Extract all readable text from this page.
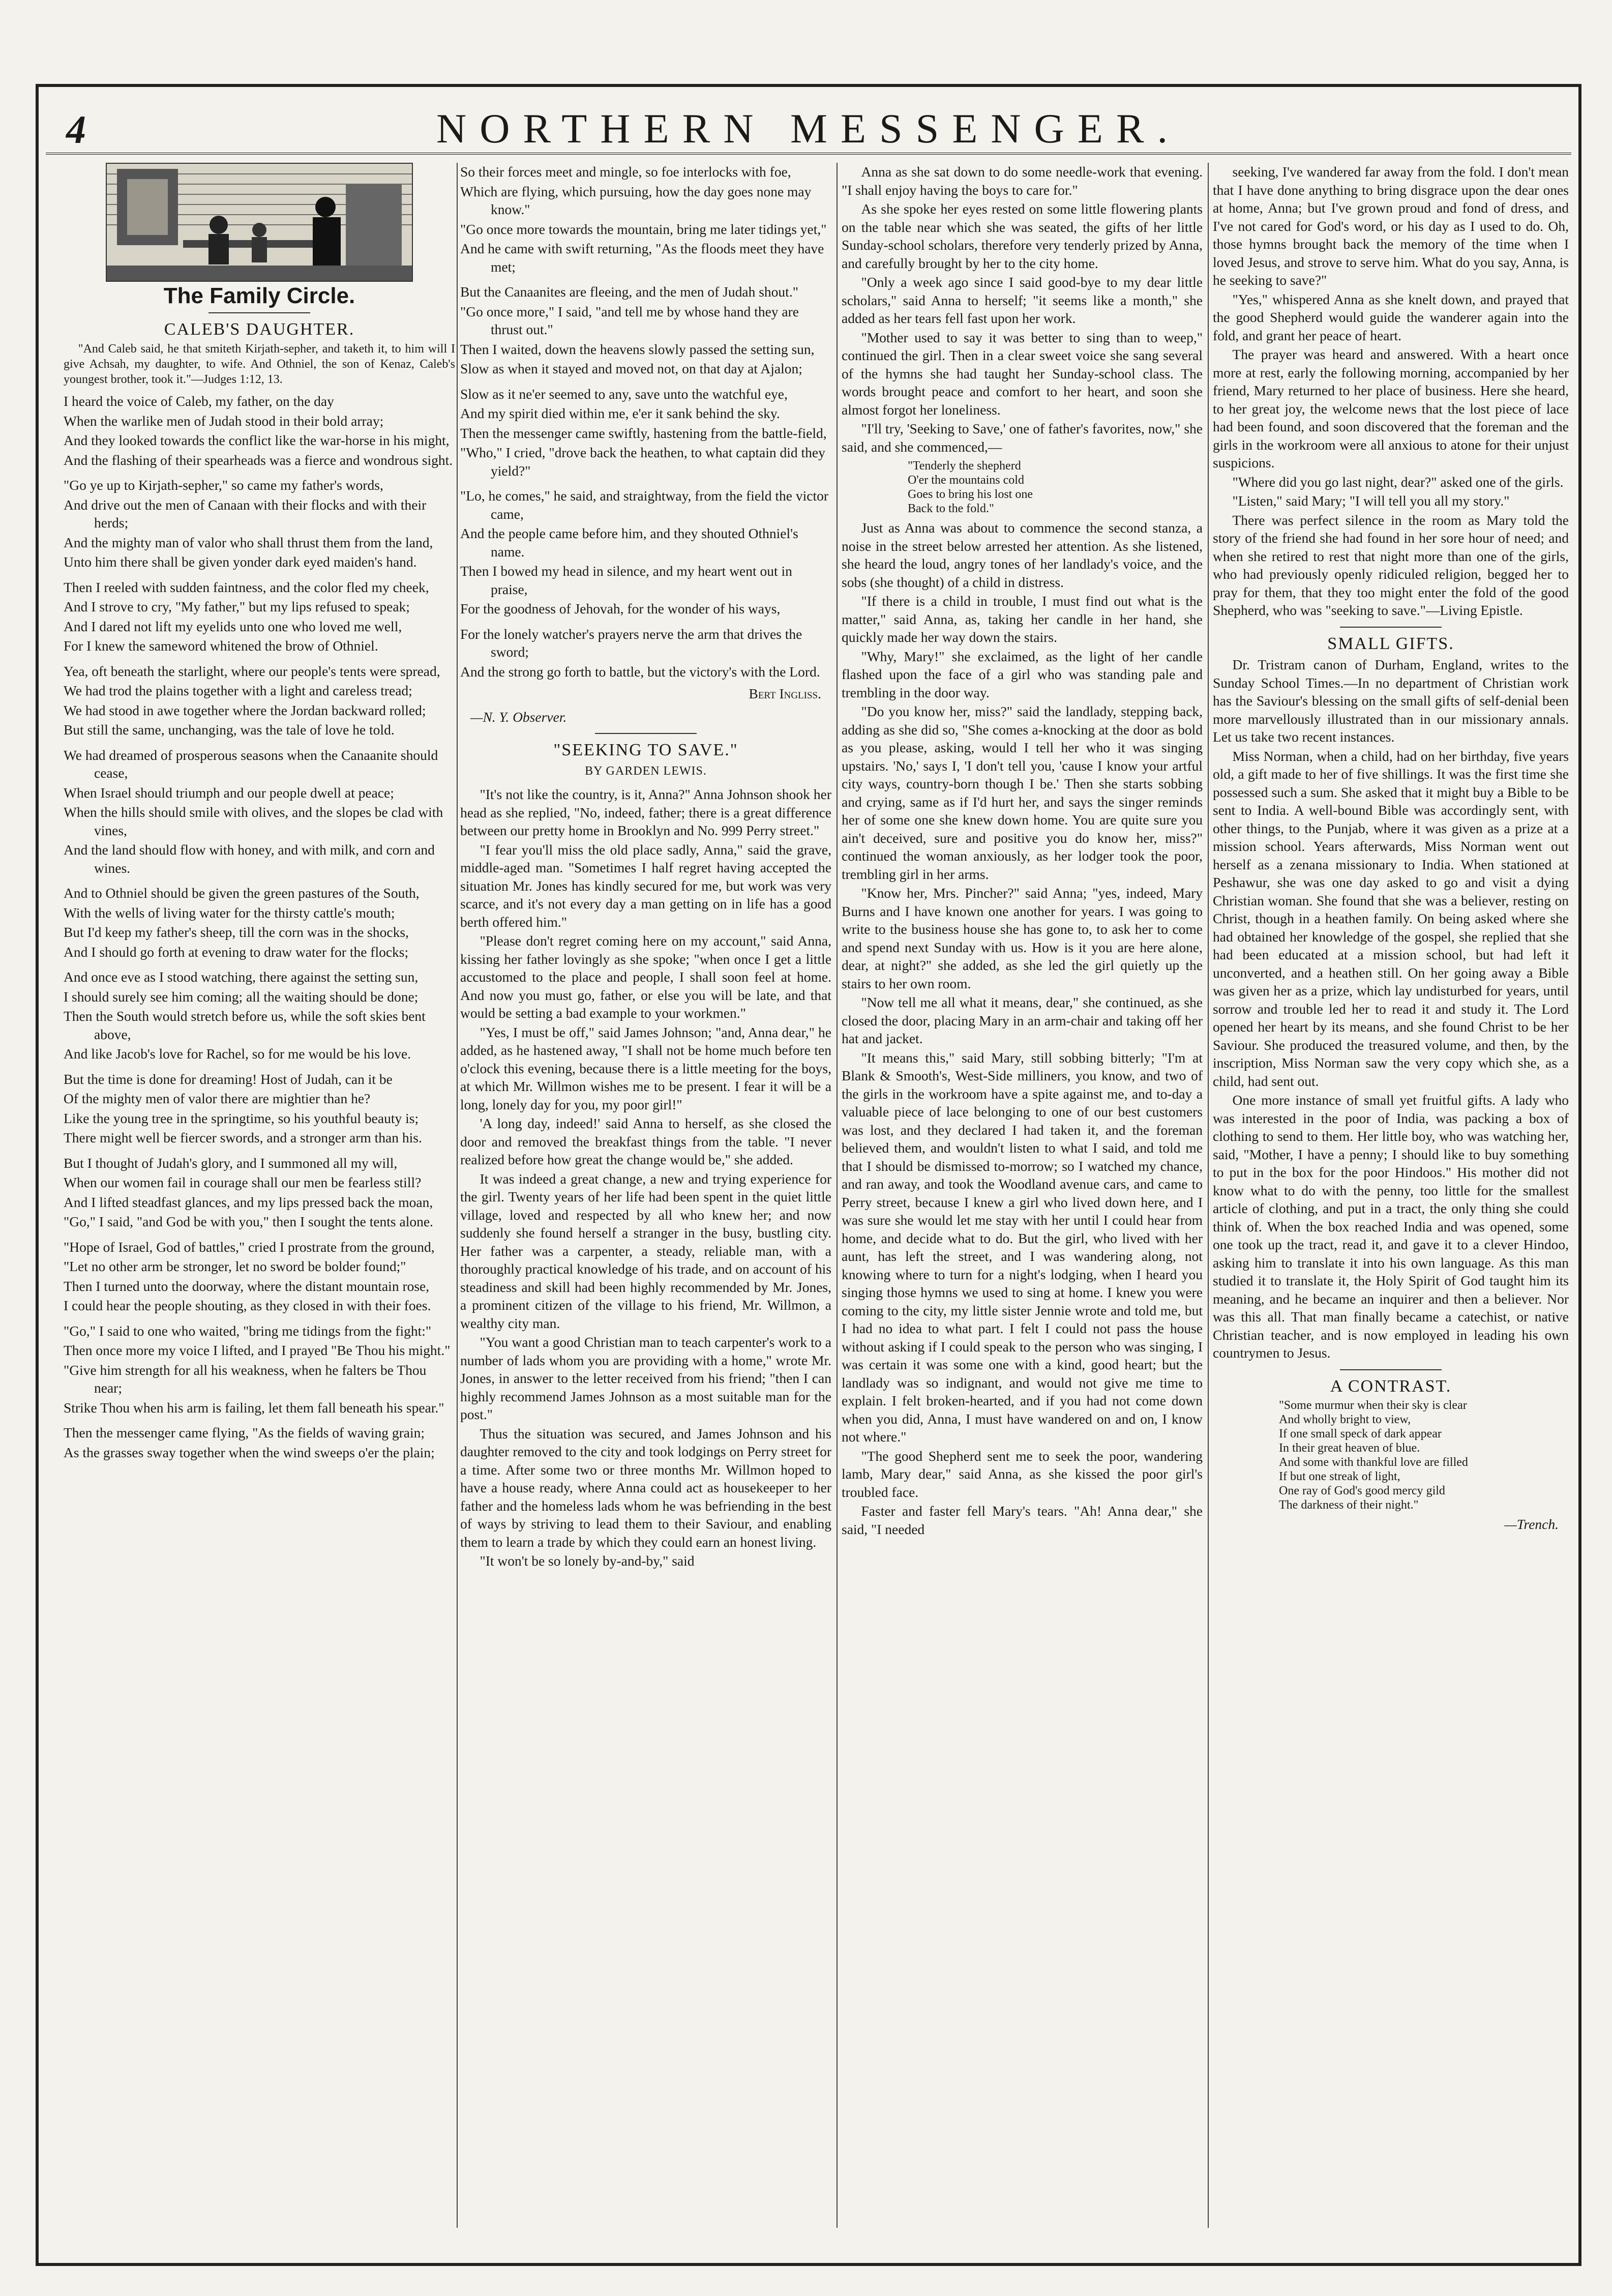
4	NORTHERN MESSENGER.
The Family Circle.
CALEB'S DAUGHTER.
"And Caleb said, he that smiteth Kirjath-sepher, and taketh it, to him will I give Achsah, my daughter, to wife. And Othniel, the son of Kenaz, Caleb's youngest brother, took it."—Judges 1:12, 13.

I heard the voice of Caleb, my father, on the day

When the warlike men of Judah stood in their bold array;

And they looked towards the conflict like the war-horse in his might,

And the flashing of their spearheads was a fierce and wondrous sight.

"Go ye up to Kirjath-sepher," so came my father's words,

And drive out the men of Canaan with their flocks and with their herds;

And the mighty man of valor who shall thrust them from the land,

Unto him there shall be given yonder dark eyed maiden's hand.

Then I reeled with sudden faintness, and the color fled my cheek,

And I strove to cry, "My father," but my lips refused to speak;

And I dared not lift my eyelids unto one who loved me well,

For I knew the sameword whitened the brow of Othniel.

Yea, oft beneath the starlight, where our people's tents were spread,

We had trod the plains together with a light and careless tread;

We had stood in awe together where the Jordan backward rolled;

But still the same, unchanging, was the tale of love he told.

We had dreamed of prosperous seasons when the Canaanite should cease,

When Israel should triumph and our people dwell at peace;

When the hills should smile with olives, and the slopes be clad with vines,

And the land should flow with honey, and with milk, and corn and wines.

And to Othniel should be given the green pastures of the South,

With the wells of living water for the thirsty cattle's mouth;

But I'd keep my father's sheep, till the corn was in the shocks,

And I should go forth at evening to draw water for the flocks;

And once eve as I stood watching, there against the setting sun,

I should surely see him coming; all the waiting should be done;

Then the South would stretch before us, while the soft skies bent above,

And like Jacob's love for Rachel, so for me would be his love.

But the time is done for dreaming! Host of Judah, can it be

Of the mighty men of valor there are mightier than he?

Like the young tree in the springtime, so his youthful beauty is;

There might well be fiercer swords, and a stronger arm than his.

But I thought of Judah's glory, and I summoned all my will,

When our women fail in courage shall our men be fearless still?

And I lifted steadfast glances, and my lips pressed back the moan,

"Go," I said, "and God be with you," then I sought the tents alone.

"Hope of Israel, God of battles," cried I prostrate from the ground,

"Let no other arm be stronger, let no sword be bolder found;"

Then I turned unto the doorway, where the distant mountain rose,

I could hear the people shouting, as they closed in with their foes.

"Go," I said to one who waited, "bring me tidings from the fight:"

Then once more my voice I lifted, and I prayed "Be Thou his might."

"Give him strength for all his weakness, when he falters be Thou near;

Strike Thou when his arm is failing, let them fall beneath his spear."

Then the messenger came flying, "As the fields of waving grain;

As the grasses sway together when the wind sweeps o'er the plain;

So their forces meet and mingle, so foe interlocks with foe,

Which are flying, which pursuing, how the day goes none may know."

"Go once more towards the mountain, bring me later tidings yet,"

And he came with swift returning, "As the floods meet they have met;

But the Canaanites are fleeing, and the men of Judah shout."

"Go once more," I said, "and tell me by whose hand they are thrust out."

Then I waited, down the heavens slowly passed the setting sun,

Slow as when it stayed and moved not, on that day at Ajalon;

Slow as it ne'er seemed to any, save unto the watchful eye,

And my spirit died within me, e'er it sank behind the sky.

Then the messenger came swiftly, hastening from the battle-field,

"Who," I cried, "drove back the heathen, to what captain did they yield?"

"Lo, he comes," he said, and straightway, from the field the victor came,

And the people came before him, and they shouted Othniel's name.

Then I bowed my head in silence, and my heart went out in praise,

For the goodness of Jehovah, for the wonder of his ways,

For the lonely watcher's prayers nerve the arm that drives the sword;

And the strong go forth to battle, but the victory's with the Lord.

Bert Ingliss.
—N. Y. Observer.
"SEEKING TO SAVE."
BY GARDEN LEWIS.

"It's not like the country, is it, Anna?" Anna Johnson shook her head as she replied, "No, indeed, father; there is a great difference between our pretty home in Brooklyn and No. 999 Perry street."

"I fear you'll miss the old place sadly, Anna," said the grave, middle-aged man. "Sometimes I half regret having accepted the situation Mr. Jones has kindly secured for me, but work was very scarce, and it's not every day a man getting on in life has a good berth offered him."

"Please don't regret coming here on my account," said Anna, kissing her father lovingly as she spoke; "when once I get a little accustomed to the place and people, I shall soon feel at home. And now you must go, father, or else you will be late, and that would be setting a bad example to your workmen."

"Yes, I must be off," said James Johnson; "and, Anna dear," he added, as he hastened away, "I shall not be home much before ten o'clock this evening, because there is a little meeting for the boys, at which Mr. Willmon wishes me to be present. I fear it will be a long, lonely day for you, my poor girl!"

'A long day, indeed!' said Anna to herself, as she closed the door and removed the breakfast things from the table. "I never realized before how great the change would be," she added.

It was indeed a great change, a new and trying experience for the girl. Twenty years of her life had been spent in the quiet little village, loved and respected by all who knew her; and now suddenly she found herself a stranger in the busy, bustling city. Her father was a carpenter, a steady, reliable man, with a thoroughly practical knowledge of his trade, and on account of his steadiness and skill had been highly recommended by Mr. Jones, a prominent citizen of the village to his friend, Mr. Willmon, a wealthy city man.

"You want a good Christian man to teach carpenter's work to a number of lads whom you are providing with a home," wrote Mr. Jones, in answer to the letter received from his friend; "then I can highly recommend James Johnson as a most suitable man for the post."

Thus the situation was secured, and James Johnson and his daughter removed to the city and took lodgings on Perry street for a time. After some two or three months Mr. Willmon hoped to have a house ready, where Anna could act as housekeeper to her father and the homeless lads whom he was befriending in the best of ways by striving to lead them to their Saviour, and enabling them to learn a trade by which they could earn an honest living.

"It won't be so lonely by-and-by," said

Anna as she sat down to do some needle-work that evening. "I shall enjoy having the boys to care for."

As she spoke her eyes rested on some little flowering plants on the table near which she was seated, the gifts of her little Sunday-school scholars, therefore very tenderly prized by Anna, and carefully brought by her to the city home.

"Only a week ago since I said good-bye to my dear little scholars," said Anna to herself; "it seems like a month," she added as her tears fell fast upon her work.

"Mother used to say it was better to sing than to weep," continued the girl. Then in a clear sweet voice she sang several of the hymns she had taught her Sunday-school class. The words brought peace and comfort to her heart, and soon she almost forgot her loneliness.

"I'll try, 'Seeking to Save,' one of father's favorites, now," she said, and she commenced,—

"Tenderly the shepherd
O'er the mountains cold
Goes to bring his lost one
Back to the fold."

Just as Anna was about to commence the second stanza, a noise in the street below arrested her attention. As she listened, she heard the loud, angry tones of her landlady's voice, and the sobs (she thought) of a child in distress.

"If there is a child in trouble, I must find out what is the matter," said Anna, as, taking her candle in her hand, she quickly made her way down the stairs.

"Why, Mary!" she exclaimed, as the light of her candle flashed upon the face of a girl who was standing pale and trembling in the door way.

"Do you know her, miss?" said the landlady, stepping back, adding as she did so, "She comes a-knocking at the door as bold as you please, asking, would I tell her who it was singing upstairs. 'No,' says I, 'I don't tell you, 'cause I know your artful city ways, country-born though I be.' Then she starts sobbing and crying, same as if I'd hurt her, and says the singer reminds her of some one she knew down home. You are quite sure you ain't deceived, sure and positive you do know her, miss?" continued the woman anxiously, as her lodger took the poor, trembling girl in her arms.

"Know her, Mrs. Pincher?" said Anna; "yes, indeed, Mary Burns and I have known one another for years. I was going to write to the business house she has gone to, to ask her to come and spend next Sunday with us. How is it you are here alone, dear, at night?" she added, as she led the girl quietly up the stairs to her own room.

"Now tell me all what it means, dear," she continued, as she closed the door, placing Mary in an arm-chair and taking off her hat and jacket.

"It means this," said Mary, still sobbing bitterly; "I'm at Blank & Smooth's, West-Side milliners, you know, and two of the girls in the workroom have a spite against me, and to-day a valuable piece of lace belonging to one of our best customers was lost, and they declared I had taken it, and the foreman believed them, and wouldn't listen to what I said, and told me that I should be dismissed to-morrow; so I watched my chance, and ran away, and took the Woodland avenue cars, and came to Perry street, because I knew a girl who lived down here, and I was sure she would let me stay with her until I could hear from home, and decide what to do. But the girl, who lived with her aunt, has left the street, and I was wandering along, not knowing where to turn for a night's lodging, when I heard you singing those hymns we used to sing at home. I knew you were coming to the city, my little sister Jennie wrote and told me, but I had no idea to what part. I felt I could not pass the house without asking if I could speak to the person who was singing, I was certain it was some one with a kind, good heart; but the landlady was so indignant, and would not give me time to explain. I felt broken-hearted, and if you had not come down when you did, Anna, I must have wandered on and on, I know not where."

"The good Shepherd sent me to seek the poor, wandering lamb, Mary dear," said Anna, as she kissed the poor girl's troubled face.

Faster and faster fell Mary's tears. "Ah! Anna dear," she said, "I needed

seeking, I've wandered far away from the fold. I don't mean that I have done anything to bring disgrace upon the dear ones at home, Anna; but I've grown proud and fond of dress, and I've not cared for God's word, or his day as I used to do. Oh, those hymns brought back the memory of the time when I loved Jesus, and strove to serve him. What do you say, Anna, is he seeking to save?"

"Yes," whispered Anna as she knelt down, and prayed that the good Shepherd would guide the wanderer again into the fold, and grant her peace of heart.

The prayer was heard and answered. With a heart once more at rest, early the following morning, accompanied by her friend, Mary returned to her place of business. Here she heard, to her great joy, the welcome news that the lost piece of lace had been found, and soon discovered that the foreman and the girls in the workroom were all anxious to atone for their unjust suspicions.

"Where did you go last night, dear?" asked one of the girls.

"Listen," said Mary; "I will tell you all my story."

There was perfect silence in the room as Mary told the story of the friend she had found in her sore hour of need; and when she retired to rest that night more than one of the girls, who had previously openly ridiculed religion, begged her to pray for them, that they too might enter the fold of the good Shepherd, who was "seeking to save."—Living Epistle.

SMALL GIFTS.

Dr. Tristram canon of Durham, England, writes to the Sunday School Times.—In no department of Christian work has the Saviour's blessing on the small gifts of self-denial been more marvellously illustrated than in our missionary annals. Let us take two recent instances.

Miss Norman, when a child, had on her birthday, five years old, a gift made to her of five shillings. It was the first time she possessed such a sum. She asked that it might buy a Bible to be sent to India. A well-bound Bible was accordingly sent, with other things, to the Punjab, where it was given as a prize at a mission school. Years afterwards, Miss Norman went out herself as a zenana missionary to India. When stationed at Peshawur, she was one day asked to go and visit a dying Christian woman. She found that she was a believer, resting on Christ, though in a heathen family. On being asked where she had obtained her knowledge of the gospel, she replied that she had been educated at a mission school, but had left it unconverted, and a heathen still. On her going away a Bible was given her as a prize, which lay undisturbed for years, until sorrow and trouble led her to read it and study it. The Lord opened her heart by its means, and she found Christ to be her Saviour. She produced the treasured volume, and then, by the inscription, Miss Norman saw the very copy which she, as a child, had sent out.

One more instance of small yet fruitful gifts. A lady who was interested in the poor of India, was packing a box of clothing to send to them. Her little boy, who was watching her, said, "Mother, I have a penny; I should like to buy something to put in the box for the poor Hindoos." His mother did not know what to do with the penny, too little for the smallest article of clothing, and put in a tract, the only thing she could think of. When the box reached India and was opened, some one took up the tract, read it, and gave it to a clever Hindoo, asking him to translate it into his own language. As this man studied it to translate it, the Holy Spirit of God taught him its meaning, and he became an inquirer and then a believer. Nor was this all. That man finally became a catechist, or native Christian teacher, and is now employed in leading his own countrymen to Jesus.

A CONTRAST.
"Some murmur when their sky is clear
And wholly bright to view,
If one small speck of dark appear
In their great heaven of blue.
And some with thankful love are filled
If but one streak of light,
One ray of God's good mercy gild
The darkness of their night."
—Trench.
